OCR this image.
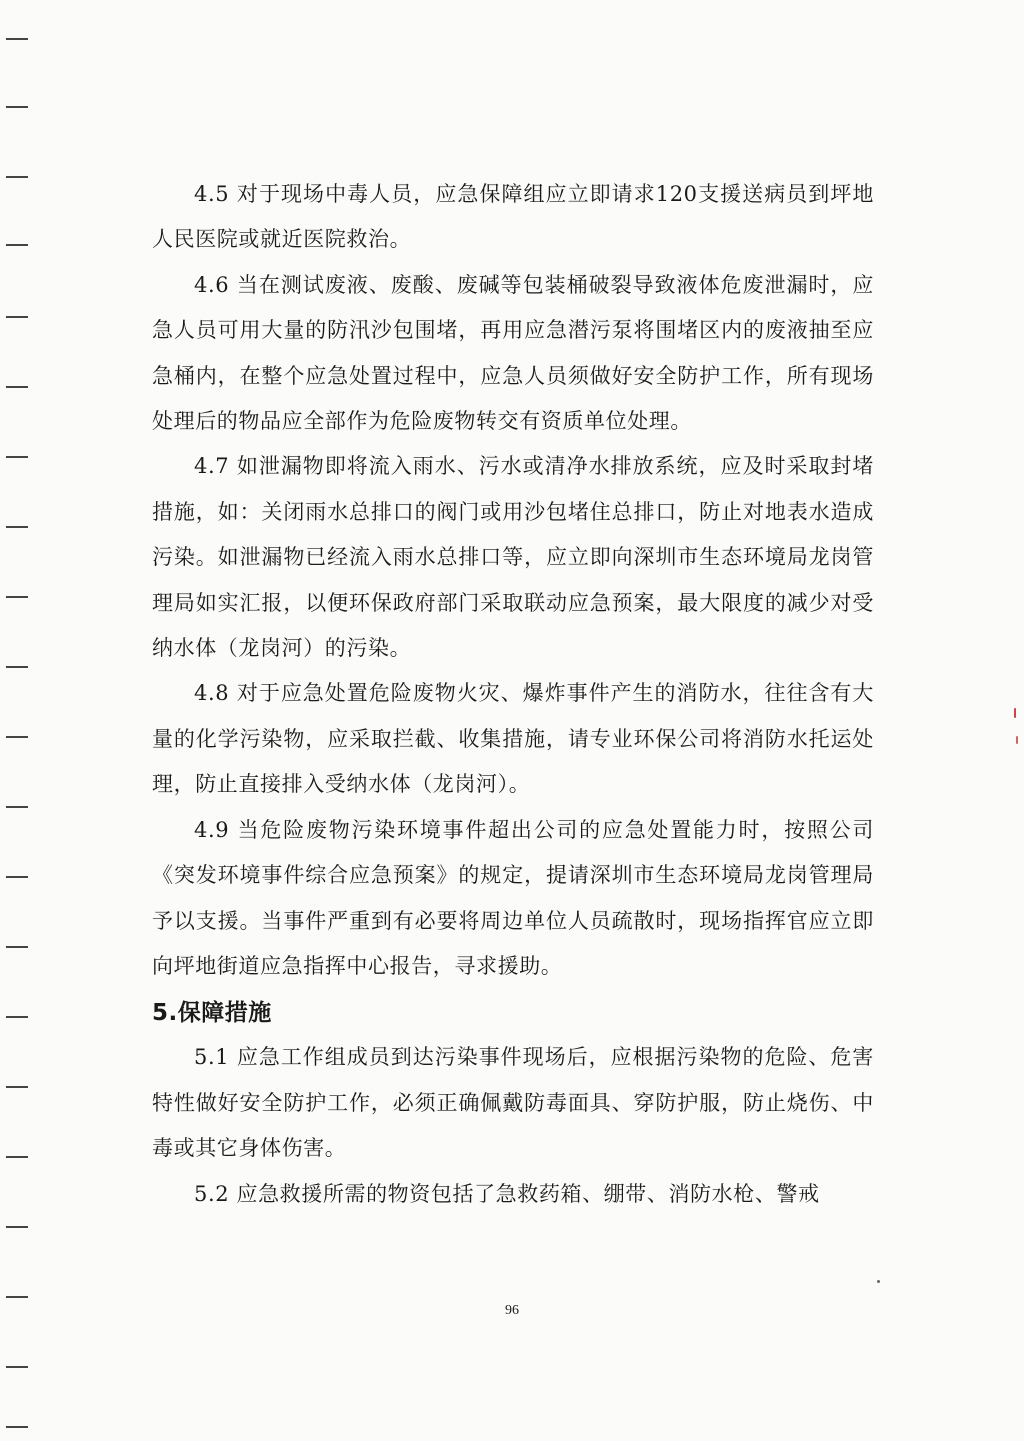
4.5 对于现场中毒人员，应急保障组应立即请求120支援送病员到坪地人民医院或就近医院救治。

4.6 当在测试废液、废酸、废碱等包装桶破裂导致液体危废泄漏时，应急人员可用大量的防汛沙包围堵，再用应急潜污泵将围堵区内的废液抽至应急桶内，在整个应急处置过程中，应急人员须做好安全防护工作，所有现场处理后的物品应全部作为危险废物转交有资质单位处理。

4.7 如泄漏物即将流入雨水、污水或清净水排放系统，应及时采取封堵措施，如：关闭雨水总排口的阀门或用沙包堵住总排口，防止对地表水造成污染。如泄漏物已经流入雨水总排口等，应立即向深圳市生态环境局龙岗管理局如实汇报，以便环保政府部门采取联动应急预案，最大限度的减少对受纳水体（龙岗河）的污染。

4.8 对于应急处置危险废物火灾、爆炸事件产生的消防水，往往含有大量的化学污染物，应采取拦截、收集措施，请专业环保公司将消防水托运处理，防止直接排入受纳水体（龙岗河）。

4.9 当危险废物污染环境事件超出公司的应急处置能力时，按照公司《突发环境事件综合应急预案》的规定，提请深圳市生态环境局龙岗管理局予以支援。当事件严重到有必要将周边单位人员疏散时，现场指挥官应立即向坪地街道应急指挥中心报告，寻求援助。

5.保障措施

5.1 应急工作组成员到达污染事件现场后，应根据污染物的危险、危害特性做好安全防护工作，必须正确佩戴防毒面具、穿防护服，防止烧伤、中毒或其它身体伤害。

5.2 应急救援所需的物资包括了急救药箱、绷带、消防水枪、警戒

96
